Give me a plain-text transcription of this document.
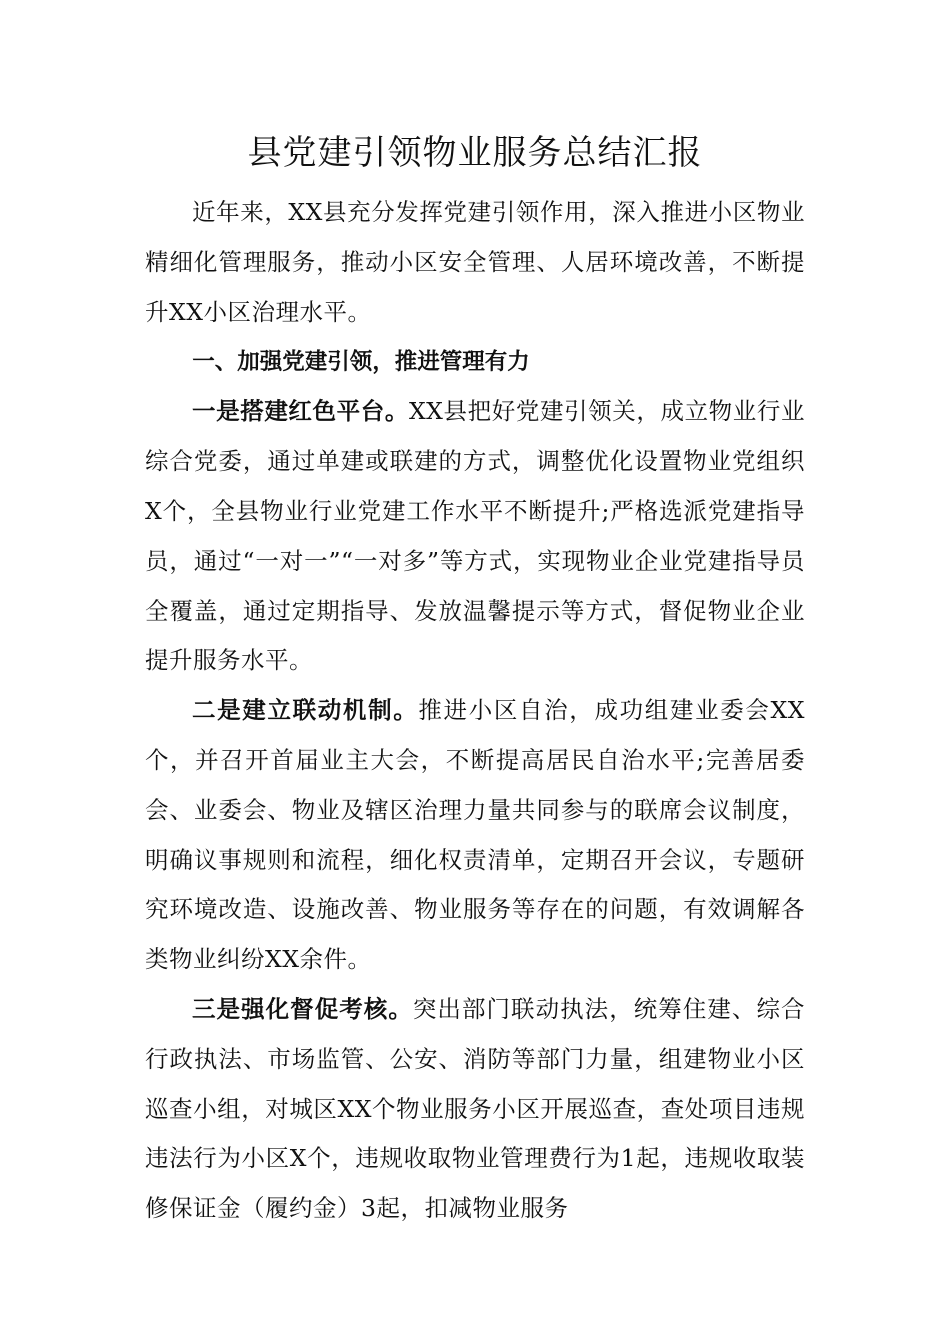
县党建引领物业服务总结汇报

近年来，XX县充分发挥党建引领作用，深入推进小区物业精细化管理服务，推动小区安全管理、人居环境改善，不断提升XX小区治理水平。

一、加强党建引领，推进管理有力

一是搭建红色平台。XX县把好党建引领关，成立物业行业综合党委，通过单建或联建的方式，调整优化设置物业党组织X个，全县物业行业党建工作水平不断提升;严格选派党建指导员，通过“一对一”“一对多”等方式，实现物业企业党建指导员全覆盖，通过定期指导、发放温馨提示等方式，督促物业企业提升服务水平。

二是建立联动机制。推进小区自治，成功组建业委会XX个，并召开首届业主大会，不断提高居民自治水平;完善居委会、业委会、物业及辖区治理力量共同参与的联席会议制度，明确议事规则和流程，细化权责清单，定期召开会议，专题研究环境改造、设施改善、物业服务等存在的问题，有效调解各类物业纠纷XX余件。

三是强化督促考核。突出部门联动执法，统筹住建、综合行政执法、市场监管、公安、消防等部门力量，组建物业小区巡查小组，对城区XX个物业服务小区开展巡查，查处项目违规违法行为小区X个，违规收取物业管理费行为1起，违规收取装修保证金（履约金）3起，扣减物业服务
